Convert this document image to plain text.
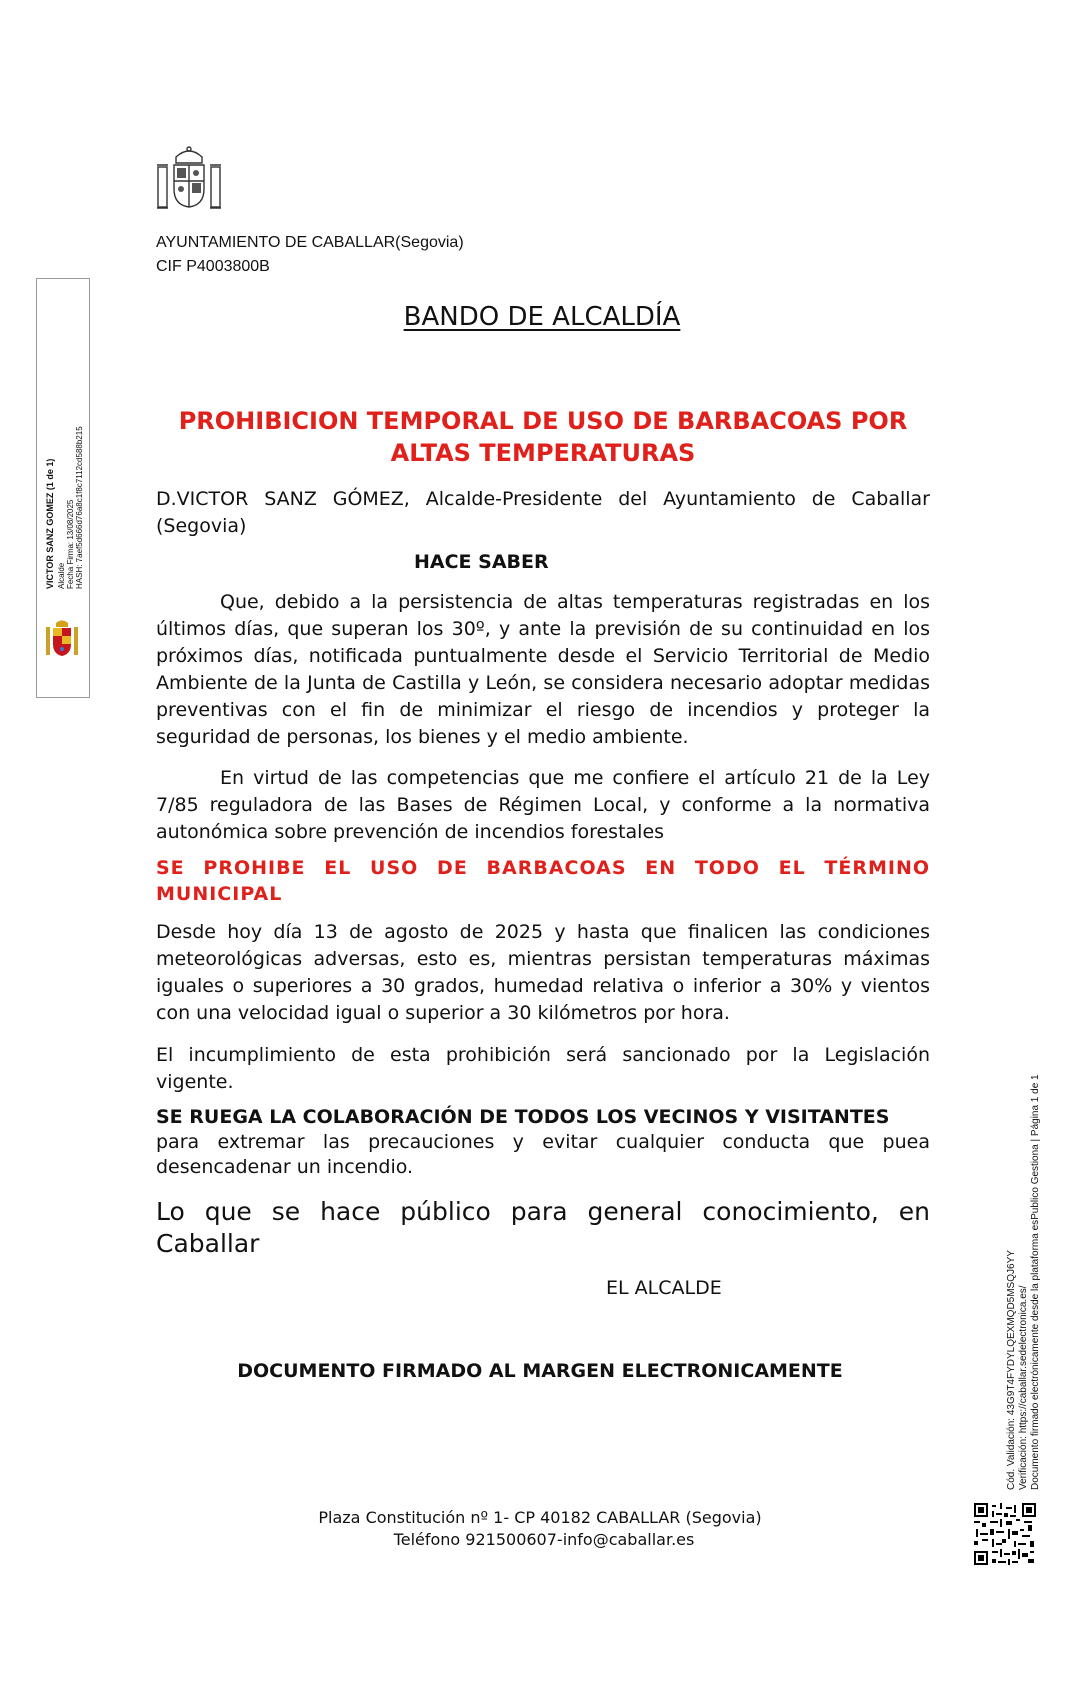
AYUNTAMIENTO DE CABALLAR(Segovia)
CIF P4003800B
BANDO DE ALCALDÍA
PROHIBICION TEMPORAL DE USO DE BARBACOAS POR ALTAS TEMPERATURAS
D.VICTOR SANZ GÓMEZ, Alcalde-Presidente del Ayuntamiento de Caballar (Segovia)
HACE SABER
Que, debido a la persistencia de altas temperaturas registradas en los últimos días, que superan los 30º, y ante la previsión de su continuidad en los próximos días, notificada puntualmente desde el Servicio Territorial de Medio Ambiente de la Junta de Castilla y León, se considera necesario adoptar medidas preventivas con el fin de minimizar el riesgo de incendios y proteger la seguridad de personas, los bienes y el medio ambiente.
En virtud de las competencias que me confiere el artículo 21 de la Ley 7/85 reguladora de las Bases de Régimen Local, y conforme a la normativa autonómica sobre prevención de incendios forestales
SE PROHIBE EL USO DE BARBACOAS EN TODO EL TÉRMINO MUNICIPAL
Desde hoy día 13 de agosto de 2025 y hasta que finalicen las condiciones meteorológicas adversas, esto es, mientras persistan temperaturas máximas iguales o superiores a 30 grados, humedad relativa o inferior a 30% y vientos con una velocidad igual o superior a 30 kilómetros por hora.
El incumplimiento de esta prohibición será sancionado por la Legislación vigente.
SE RUEGA LA COLABORACIÓN DE TODOS LOS VECINOS Y VISITANTES
para extremar las precauciones y evitar cualquier conducta que puea desencadenar un incendio.
Lo que se hace público para general conocimiento, en Caballar
EL ALCALDE
DOCUMENTO FIRMADO AL MARGEN ELECTRONICAMENTE
Plaza Constitución nº 1- CP 40182 CABALLAR (Segovia)
Teléfono 921500607-info@caballar.es
VICTOR SANZ GOMEZ (1 de 1) Alcalde Fecha Firma: 13/08/2025 HASH: 7aef5d666d76a8c1f8c7112cd588b215
Cód. Validación: 43G9T4FYDYLQEXMQD5MSQJ6YY Verificación: https://caballar.sedelectronica.es/ Documento firmado electrónicamente desde la plataforma esPublico Gestiona | Página 1 de 1
